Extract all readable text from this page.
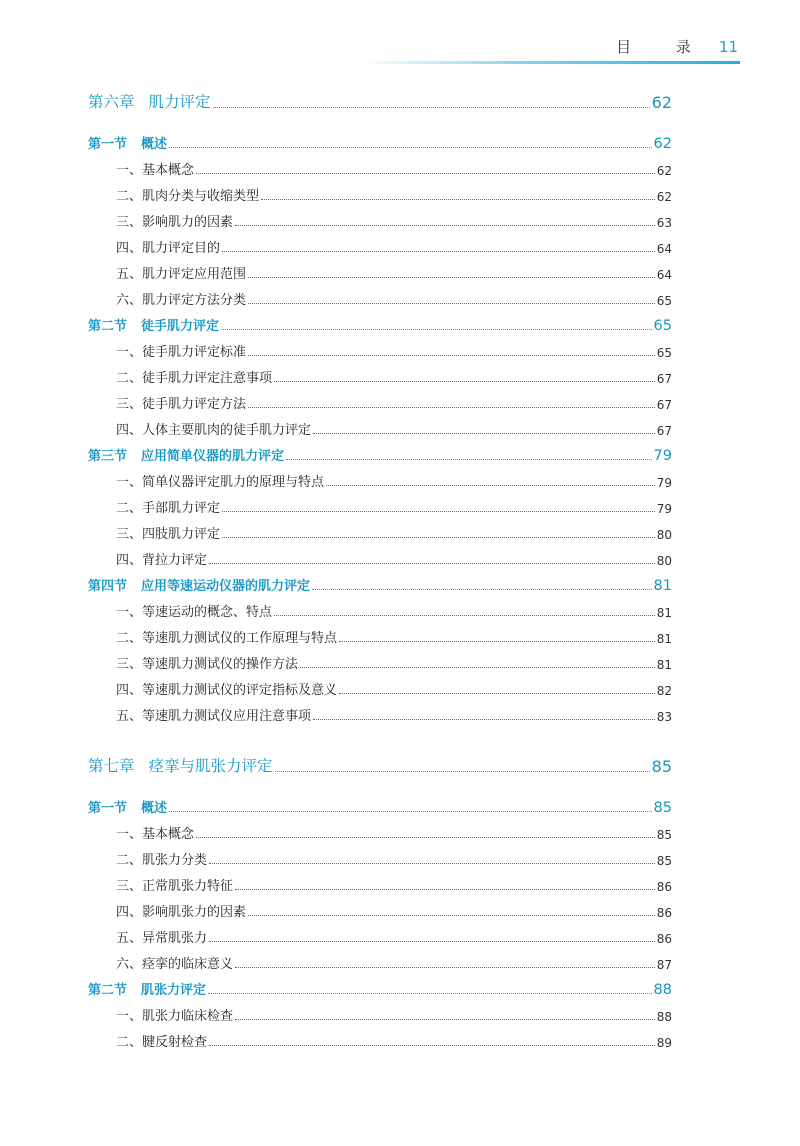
目 录 11
第六章 肌力评定	62
第一节 概述	62
一、基本概念	62
二、肌肉分类与收缩类型	62
三、影响肌力的因素	63
四、肌力评定目的	64
五、肌力评定应用范围	64
六、肌力评定方法分类	65
第二节 徒手肌力评定	65
一、徒手肌力评定标准	65
二、徒手肌力评定注意事项	67
三、徒手肌力评定方法	67
四、人体主要肌肉的徒手肌力评定	67
第三节 应用简单仪器的肌力评定	79
一、简单仪器评定肌力的原理与特点	79
二、手部肌力评定	79
三、四肢肌力评定	80
四、背拉力评定	80
第四节 应用等速运动仪器的肌力评定	81
一、等速运动的概念、特点	81
二、等速肌力测试仪的工作原理与特点	81
三、等速肌力测试仪的操作方法	81
四、等速肌力测试仪的评定指标及意义	82
五、等速肌力测试仪应用注意事项	83
第七章 痉挛与肌张力评定	85
第一节 概述	85
一、基本概念	85
二、肌张力分类	85
三、正常肌张力特征	86
四、影响肌张力的因素	86
五、异常肌张力	86
六、痉挛的临床意义	87
第二节 肌张力评定	88
一、肌张力临床检查	88
二、腱反射检查	89
